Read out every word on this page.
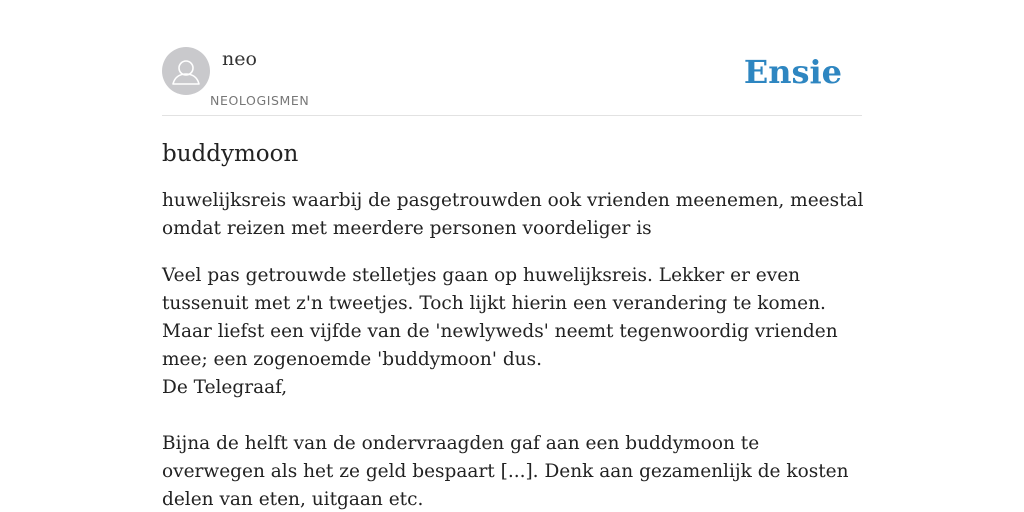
neo
NEOLOGISMEN
Ensie
buddymoon

huwelijksreis waarbij de pasgetrouwden ook vrienden meenemen, meestal omdat reizen met meerdere personen voordeliger is

Veel pas getrouwde stelletjes gaan op huwelijksreis. Lekker er even tussenuit met z'n tweetjes. Toch lijkt hierin een verandering te komen. Maar liefst een vijfde van de 'newlyweds' neemt tegenwoordig vrienden mee; een zogenoemde 'buddymoon' dus.

De Telegraaf,

Bijna de helft van de ondervraagden gaf aan een buddymoon te overwegen als het ze geld bespaart [...]. Denk aan gezamenlijk de kosten delen van eten, uitgaan etc.
